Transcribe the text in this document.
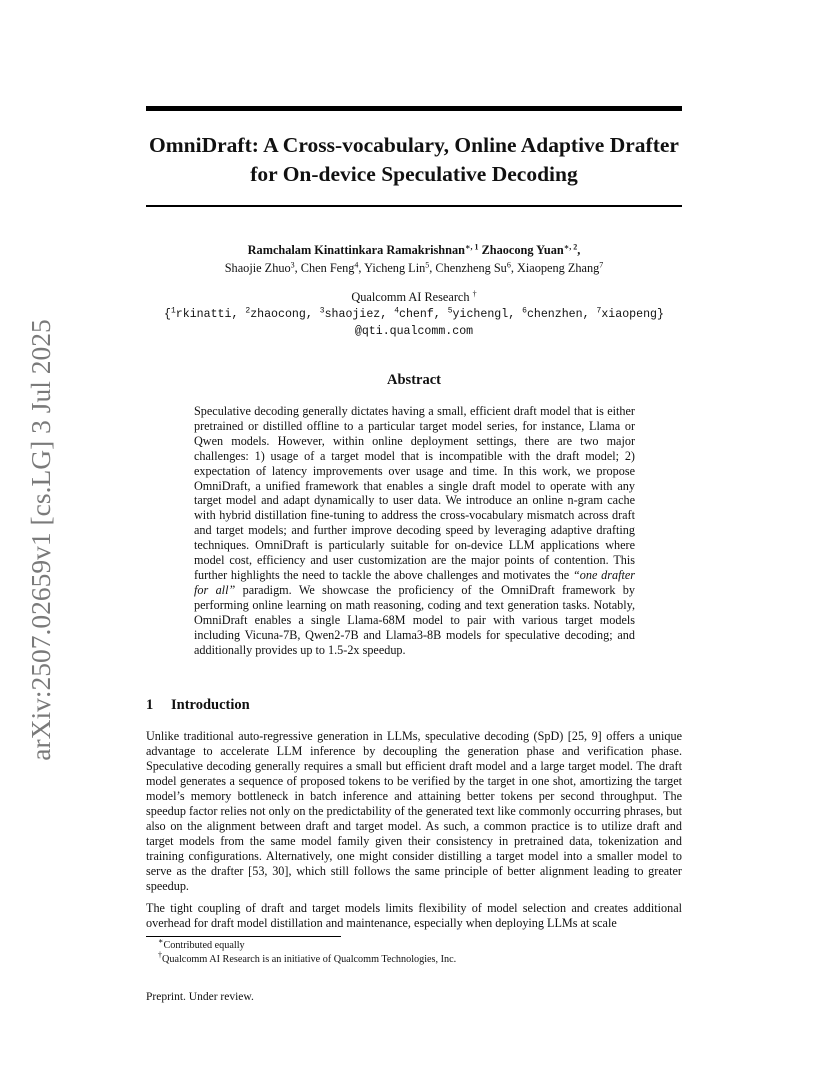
arXiv:2507.02659v1 [cs.LG] 3 Jul 2025
OmniDraft: A Cross-vocabulary, Online Adaptive Drafter for On-device Speculative Decoding
Ramchalam Kinattinkara Ramakrishnan$^{∗, 1}$ Zhaocong Yuan$^{∗, 2}$,
Shaojie Zhuo$^3$, Chen Feng$^4$, Yicheng Lin$^5$, Chenzheng Su$^6$, Xiaopeng Zhang$^7$
Qualcomm AI Research †
{$^1$rkinatti, $^2$zhaocong, $^3$shaojiez, $^4$chenf, $^5$yichengl, $^6$chenzhen, $^7$xiaopeng}
@qti.qualcomm.com
Abstract

Speculative decoding generally dictates having a small, efficient draft model that is either pretrained or distilled offline to a particular target model series, for instance, Llama or Qwen models. However, within online deployment settings, there are two major challenges: 1) usage of a target model that is incompatible with the draft model; 2) expectation of latency improvements over usage and time. In this work, we propose OmniDraft, a unified framework that enables a single draft model to operate with any target model and adapt dynamically to user data. We introduce an online n-gram cache with hybrid distillation fine-tuning to address the cross-vocabulary mismatch across draft and target models; and further improve decoding speed by leveraging adaptive drafting techniques. OmniDraft is particularly suitable for on-device LLM applications where model cost, efficiency and user customization are the major points of contention. This further highlights the need to tackle the above challenges and motivates the “one drafter for all” paradigm. We showcase the proficiency of the OmniDraft framework by performing online learning on math reasoning, coding and text generation tasks. Notably, OmniDraft enables a single Llama-68M model to pair with various target models including Vicuna-7B, Qwen2-7B and Llama3-8B models for speculative decoding; and additionally provides up to 1.5-2x speedup.

1 Introduction

Unlike traditional auto-regressive generation in LLMs, speculative decoding (SpD) [25, 9] offers a unique advantage to accelerate LLM inference by decoupling the generation phase and verification phase. Speculative decoding generally requires a small but efficient draft model and a large target model. The draft model generates a sequence of proposed tokens to be verified by the target in one shot, amortizing the target model’s memory bottleneck in batch inference and attaining better tokens per second throughput. The speedup factor relies not only on the predictability of the generated text like commonly occurring phrases, but also on the alignment between draft and target model. As such, a common practice is to utilize draft and target models from the same model family given their consistency in pretrained data, tokenization and training configurations. Alternatively, one might consider distilling a target model into a smaller model to serve as the drafter [53, 30], which still follows the same principle of better alignment leading to greater speedup.

The tight coupling of draft and target models limits flexibility of model selection and creates additional overhead for draft model distillation and maintenance, especially when deploying LLMs at scale

∗Contributed equally
†Qualcomm AI Research is an initiative of Qualcomm Technologies, Inc.
Preprint. Under review.
